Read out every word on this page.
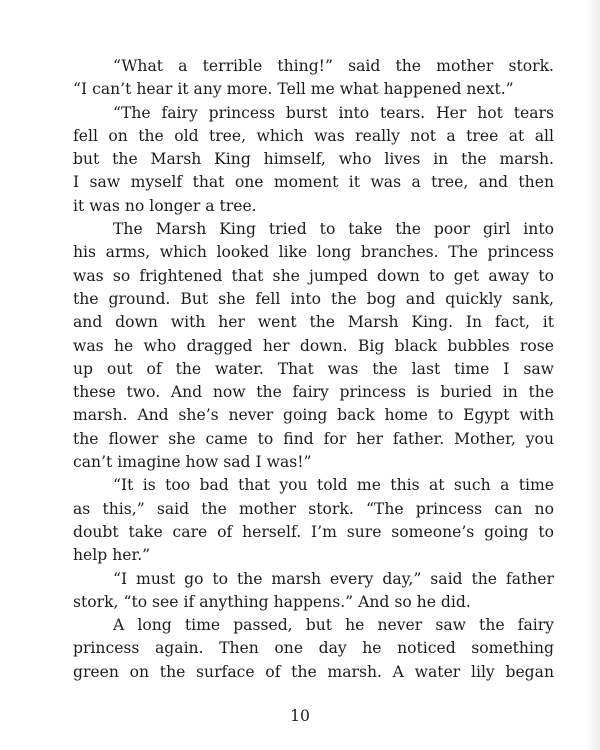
“What a terrible thing!” said the mother stork.
“I can’t hear it any more. Tell me what happened next.”
“The fairy princess burst into tears. Her hot tears
fell on the old tree, which was really not a tree at all
but the Marsh King himself, who lives in the marsh.
I saw myself that one moment it was a tree, and then
it was no longer a tree.
The Marsh King tried to take the poor girl into
his arms, which looked like long branches. The princess
was so frightened that she jumped down to get away to
the ground. But she fell into the bog and quickly sank,
and down with her went the Marsh King. In fact, it
was he who dragged her down. Big black bubbles rose
up out of the water. That was the last time I saw
these two. And now the fairy princess is buried in the
marsh. And she’s never going back home to Egypt with
the flower she came to find for her father. Mother, you
can’t imagine how sad I was!”
“It is too bad that you told me this at such a time
as this,” said the mother stork. “The princess can no
doubt take care of herself. I’m sure someone’s going to
help her.”
“I must go to the marsh every day,” said the father
stork, “to see if anything happens.” And so he did.
A long time passed, but he never saw the fairy
princess again. Then one day he noticed something
green on the surface of the marsh. A water lily began
10
